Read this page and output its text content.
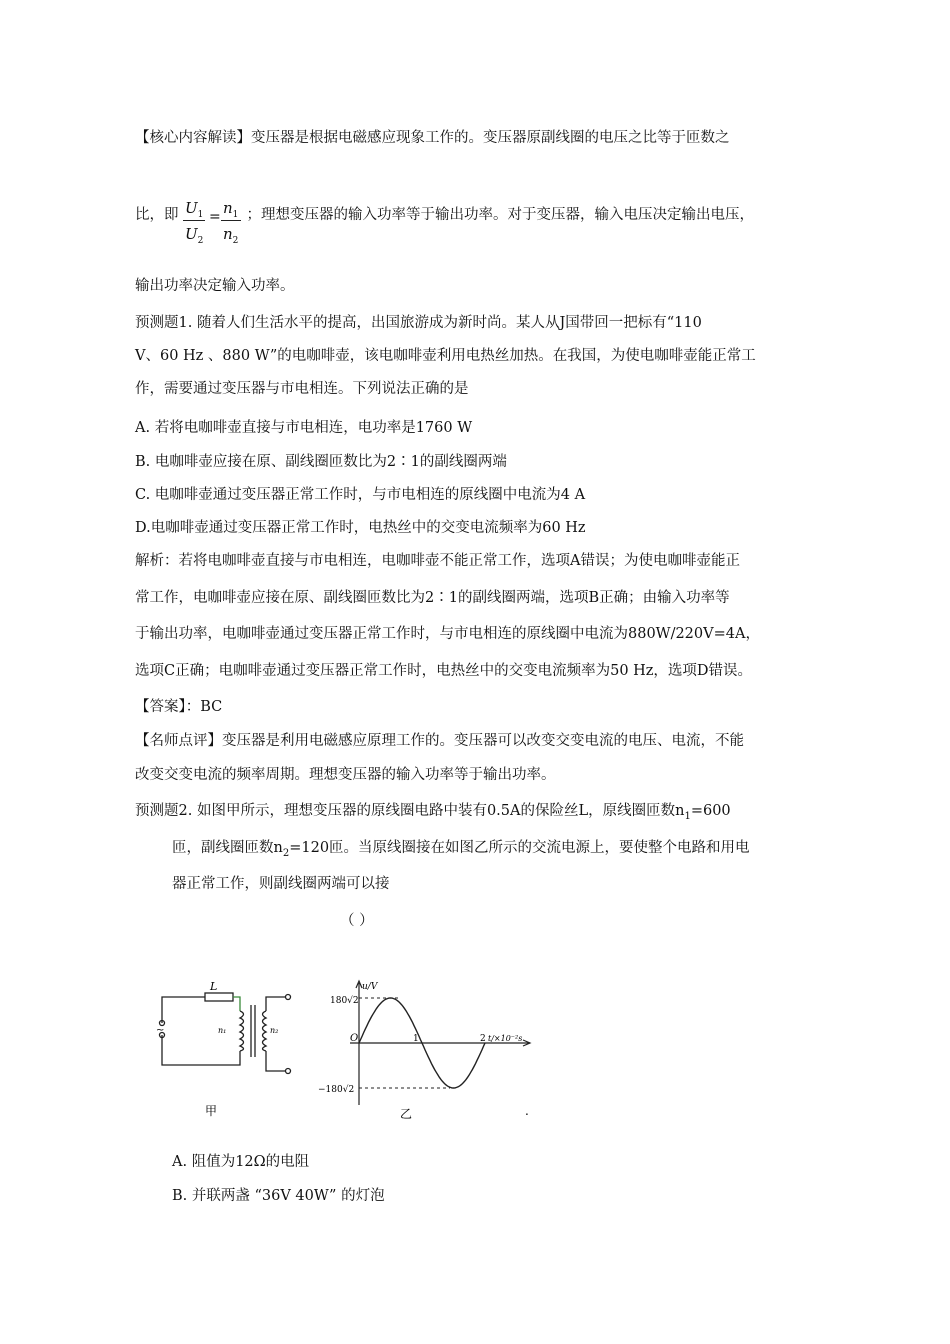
【核心内容解读】变压器是根据电磁感应现象工作的。变压器原副线圈的电压之比等于匝数之
比，即	；理想变压器的输入功率等于输出功率。对于变压器，输入电压决定输出电压，
$U_1$
$U_2$
= $n_1$
$n_2$
输出功率决定输入功率。
预测题1. 随着人们生活水平的提高，出国旅游成为新时尚。某人从J国带回一把标有“110
V、60 Hz 、880 W”的电咖啡壶，该电咖啡壶利用电热丝加热。在我国，为使电咖啡壶能正常工
作，需要通过变压器与市电相连。下列说法正确的是
A. 若将电咖啡壶直接与市电相连，电功率是1760 W
B. 电咖啡壶应接在原、副线圈匝数比为2∶1的副线圈两端
C. 电咖啡壶通过变压器正常工作时，与市电相连的原线圈中电流为4 A
D.电咖啡壶通过变压器正常工作时，电热丝中的交变电流频率为60 Hz
解析：若将电咖啡壶直接与市电相连，电咖啡壶不能正常工作，选项A错误；为使电咖啡壶能正
常工作，电咖啡壶应接在原、副线圈匝数比为2∶1的副线圈两端，选项B正确；由输入功率等
于输出功率，电咖啡壶通过变压器正常工作时，与市电相连的原线圈中电流为880W/220V=4A，
选项C正确；电咖啡壶通过变压器正常工作时，电热丝中的交变电流频率为50 Hz，选项D错误。
【答案】：BC
【名师点评】变压器是利用电磁感应原理工作的。变压器可以改变交变电流的电压、电流，不能
改变交变电流的频率周期。理想变压器的输入功率等于输出功率。
预测题2. 如图甲所示，理想变压器的原线圈电路中装有0.5A的保险丝L，原线圈匝数$n_1=600$
匝，副线圈匝数$n_2=120$匝。当原线圈接在如图乙所示的交流电源上，要使整个电路和用电
器正常工作，则副线圈两端可以接
（ ）
L
~	n₁	n₂
180√2
−180√2
u/V
O	1	2 t/×10⁻²s
甲	乙	.
A. 阻值为12Ω的电阻
B. 并联两盏 “36V 40W” 的灯泡
